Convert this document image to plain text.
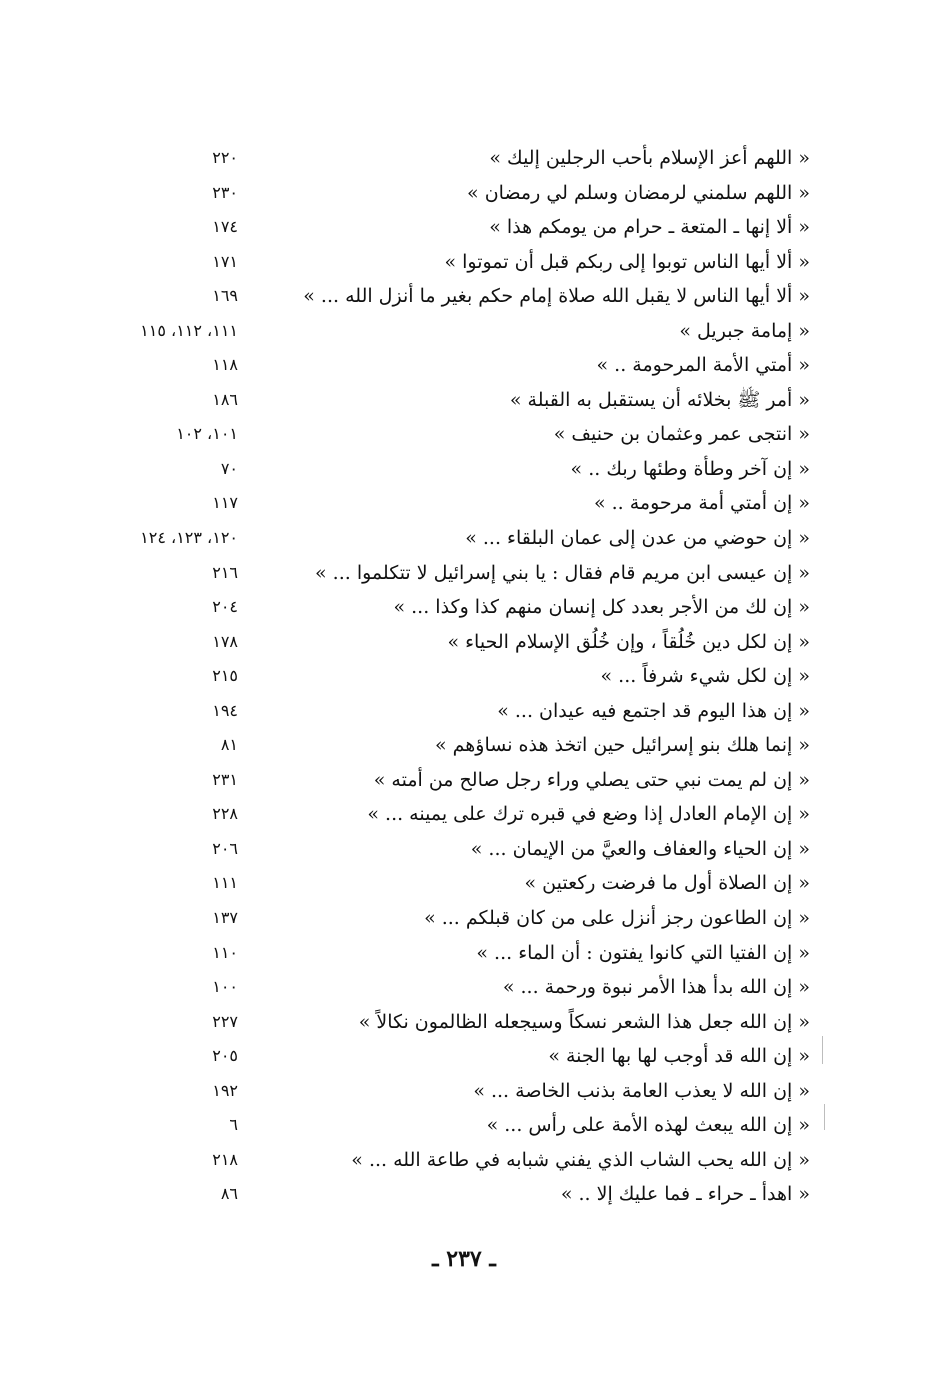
« اللهم أعز الإسلام بأحب الرجلين إليك »
٢٢٠
« اللهم سلمني لرمضان وسلم لي رمضان »
٢٣٠
« ألا إنها ـ المتعة ـ حرام من يومكم هذا »
١٧٤
« ألا أيها الناس توبوا إلى ربكم قبل أن تموتوا »
١٧١
« ألا أيها الناس لا يقبل الله صلاة إمام حكم بغير ما أنزل الله ... »
١٦٩
« إمامة جبريل »
١١١، ١١٢، ١١٥
« أمتي الأمة المرحومة .. »
١١٨
« أمر ﷺ بخلائه أن يستقبل به القبلة »
١٨٦
« انتجى عمر وعثمان بن حنيف »
١٠١، ١٠٢
« إن آخر وطأة وطئها ربك .. »
٧٠
« إن أمتي أمة مرحومة .. »
١١٧
« إن حوضي من عدن إلى عمان البلقاء ... »
١٢٠، ١٢٣، ١٢٤
« إن عيسى ابن مريم قام فقال : يا بني إسرائيل لا تتكلموا ... »
٢١٦
« إن لك من الأجر بعدد كل إنسان منهم كذا وكذا ... »
٢٠٤
« إن لكل دين خُلُقاً ، وإن خُلُق الإسلام الحياء »
١٧٨
« إن لكل شيء شرفاً ... »
٢١٥
« إن هذا اليوم قد اجتمع فيه عيدان ... »
١٩٤
« إنما هلك بنو إسرائيل حين اتخذ هذه نساؤهم »
٨١
« إن لم يمت نبي حتى يصلي وراء رجل صالح من أمته »
٢٣١
« إن الإمام العادل إذا وضع في قبره ترك على يمينه ... »
٢٢٨
« إن الحياء والعفاف والعيَّ من الإيمان ... »
٢٠٦
« إن الصلاة أول ما فرضت ركعتين »
١١١
« إن الطاعون رجز أنزل على من كان قبلكم ... »
١٣٧
« إن الفتيا التي كانوا يفتون : أن الماء ... »
١١٠
« إن الله بدأ هذا الأمر نبوة ورحمة ... »
١٠٠
« إن الله جعل هذا الشعر نسكاً وسيجعله الظالمون نكالاً »
٢٢٧
« إن الله قد أوجب لها بها الجنة »
٢٠٥
« إن الله لا يعذب العامة بذنب الخاصة ... »
١٩٢
« إن الله يبعث لهذه الأمة على رأس ... »
٦
« إن الله يحب الشاب الذي يفني شبابه في طاعة الله ... »
٢١٨
« اهدأ ـ حراء ـ فما عليك إلا .. »
٨٦
ـ ٢٣٧ ـ
